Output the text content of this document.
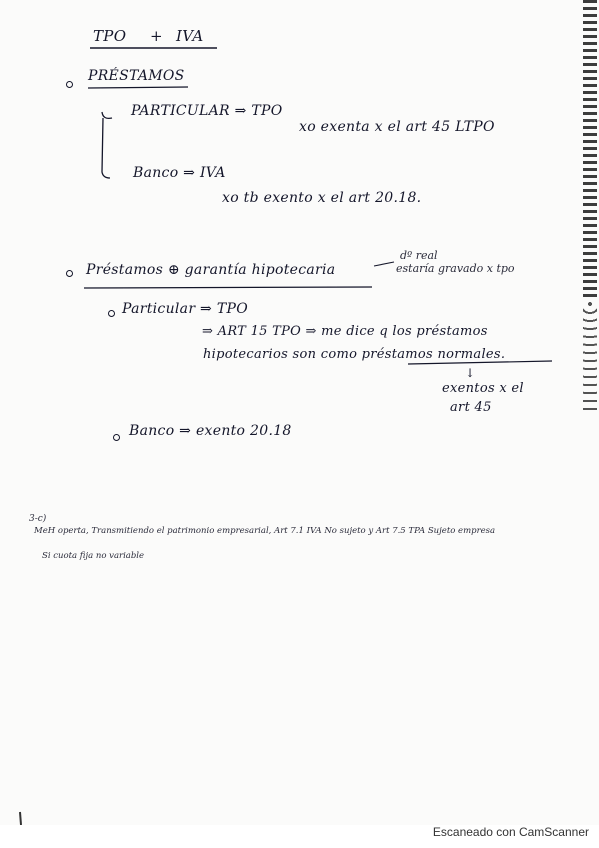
TPO + IVA
PRÉSTAMOS
PARTICULAR ⇒ TPO
xo exenta x el art 45 LTPO
Banco ⇒ IVA
xo tb exento x el art 20.18.
Préstamos ⊕ garantía hipotecaria
dº real
estaría gravado x tpo
Particular ⇒ TPO
⇒ ART 15 TPO ⇒ me dice q los préstamos
hipotecarios son como préstamos normales.
↓
exentos x el
art 45
Banco ⇒ exento 20.18
3-c)
MeH operta, Transmitiendo el patrimonio empresarial, Art 7.1 IVA No sujeto y Art 7.5 TPA Sujeto empresa
Si cuota fija no variable
Escaneado con CamScanner
